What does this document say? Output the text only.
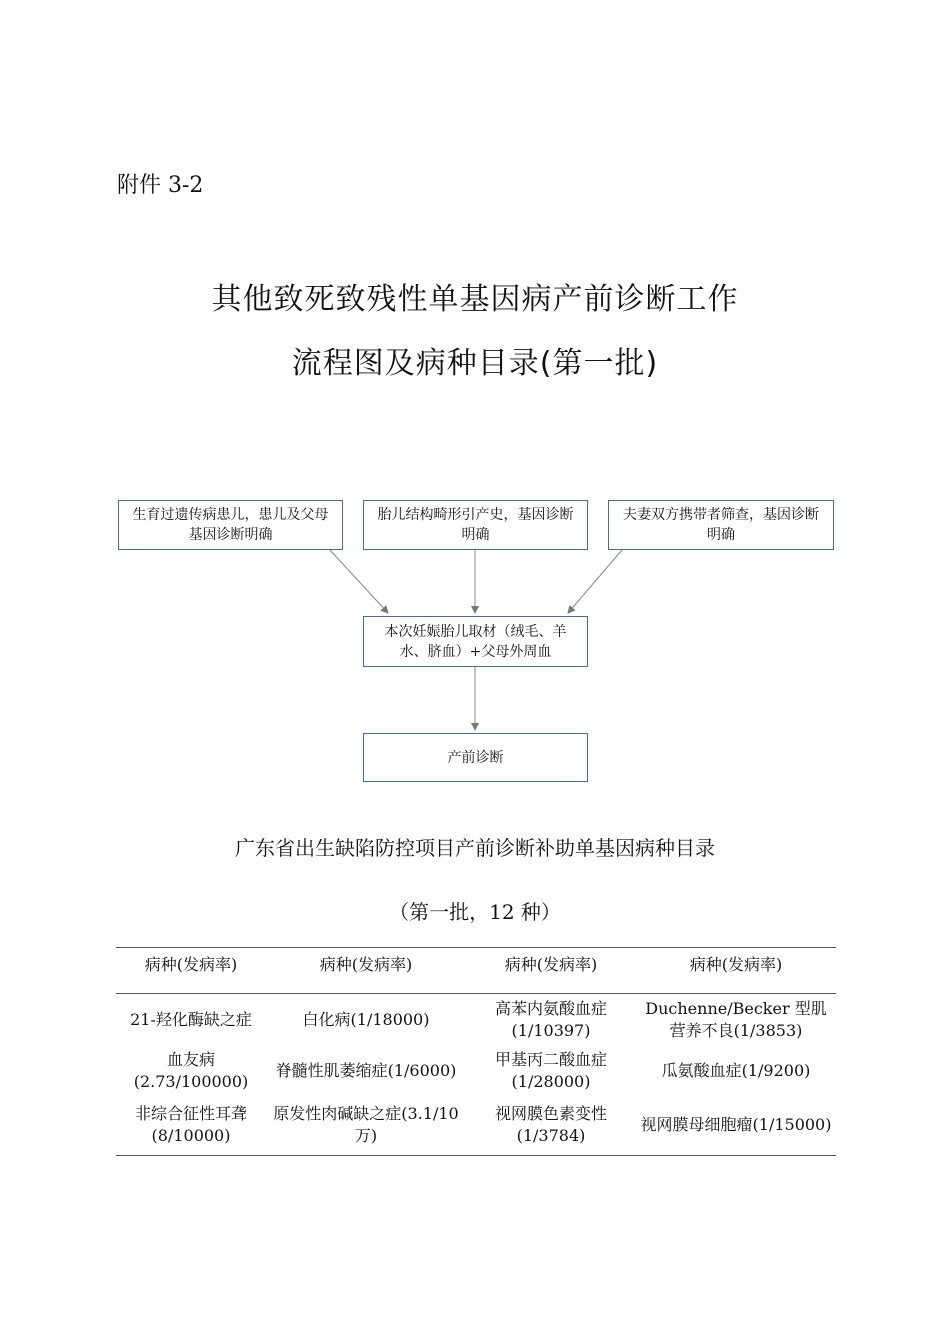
附件 3-2
其他致死致残性单基因病产前诊断工作
流程图及病种目录(第一批)
生育过遗传病患儿，患儿及父母基因诊断明确
胎儿结构畸形引产史，基因诊断明确
夫妻双方携带者筛查，基因诊断明确
本次妊娠胎儿取材（绒毛、羊水、脐血）+父母外周血
产前诊断
广东省出生缺陷防控项目产前诊断补助单基因病种目录
（第一批，12 种）
病种(发病率)	病种(发病率)	病种(发病率)	病种(发病率)
21-羟化酶缺之症	白化病(1/18000)	高苯内氨酸血症(1/10397)	Duchenne/Becker 型肌营养不良(1/3853)
血友病(2.73/100000)	脊髓性肌萎缩症(1/6000)	甲基丙二酸血症(1/28000)	瓜氨酸血症(1/9200)
非综合征性耳聋 (8/10000)	原发性肉碱缺之症(3.1/10 万)	视网膜色素变性(1/3784)	视网膜母细胞瘤(1/15000)
